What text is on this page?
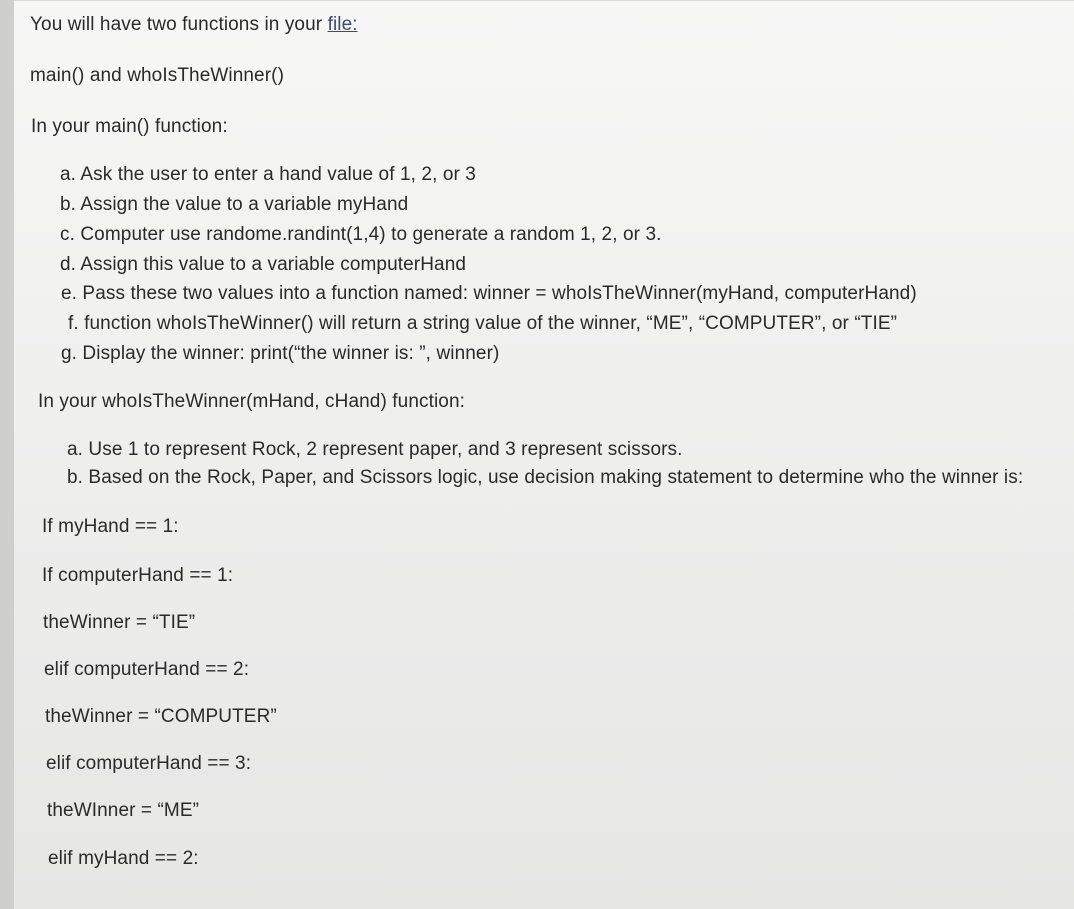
You will have two functions in your file:
main() and whoIsTheWinner()
In your main() function:
a. Ask the user to enter a hand value of 1, 2, or 3
b. Assign the value to a variable myHand
c. Computer use randome.randint(1,4) to generate a random 1, 2, or 3.
d. Assign this value to a variable computerHand
e. Pass these two values into a function named: winner = whoIsTheWinner(myHand, computerHand)
f. function whoIsTheWinner() will return a string value of the winner, “ME”, “COMPUTER”, or “TIE”
g. Display the winner: print(“the winner is: ”, winner)
In your whoIsTheWinner(mHand, cHand) function:
a. Use 1 to represent Rock, 2 represent paper, and 3 represent scissors.
b. Based on the Rock, Paper, and Scissors logic, use decision making statement to determine who the winner is:
If myHand == 1:
If computerHand == 1:
theWinner = “TIE”
elif computerHand == 2:
theWinner = “COMPUTER”
elif computerHand == 3:
theWInner = “ME”
elif myHand == 2:
